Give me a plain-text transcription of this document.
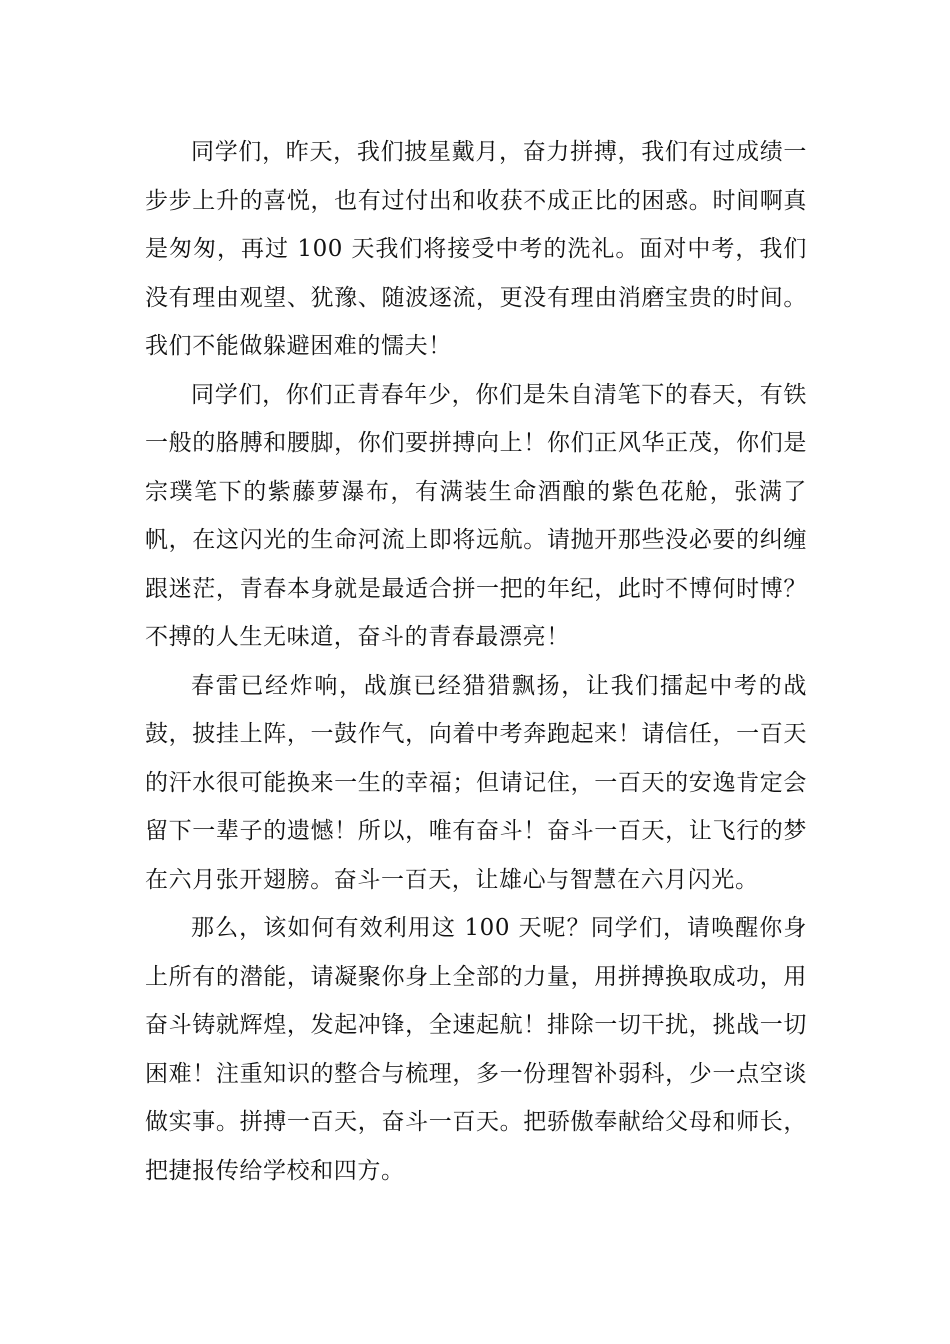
同学们，昨天，我们披星戴月，奋力拼搏，我们有过成绩一步步上升的喜悦，也有过付出和收获不成正比的困惑。时间啊真是匆匆，再过 100 天我们将接受中考的洗礼。面对中考，我们没有理由观望、犹豫、随波逐流，更没有理由消磨宝贵的时间。我们不能做躲避困难的懦夫！

同学们，你们正青春年少，你们是朱自清笔下的春天，有铁一般的胳膊和腰脚，你们要拼搏向上！你们正风华正茂，你们是宗璞笔下的紫藤萝瀑布，有满装生命酒酿的紫色花舱，张满了帆，在这闪光的生命河流上即将远航。请抛开那些没必要的纠缠跟迷茫，青春本身就是最适合拼一把的年纪，此时不博何时博？不搏的人生无味道，奋斗的青春最漂亮！

春雷已经炸响，战旗已经猎猎飘扬，让我们擂起中考的战鼓，披挂上阵，一鼓作气，向着中考奔跑起来！请信任，一百天的汗水很可能换来一生的幸福；但请记住，一百天的安逸肯定会留下一辈子的遗憾！所以，唯有奋斗！奋斗一百天，让飞行的梦在六月张开翅膀。奋斗一百天，让雄心与智慧在六月闪光。

那么，该如何有效利用这 100 天呢？同学们，请唤醒你身上所有的潜能，请凝聚你身上全部的力量，用拼搏换取成功，用奋斗铸就辉煌，发起冲锋，全速起航！排除一切干扰，挑战一切困难！注重知识的整合与梳理，多一份理智补弱科，少一点空谈做实事。拼搏一百天，奋斗一百天。把骄傲奉献给父母和师长，把捷报传给学校和四方。
